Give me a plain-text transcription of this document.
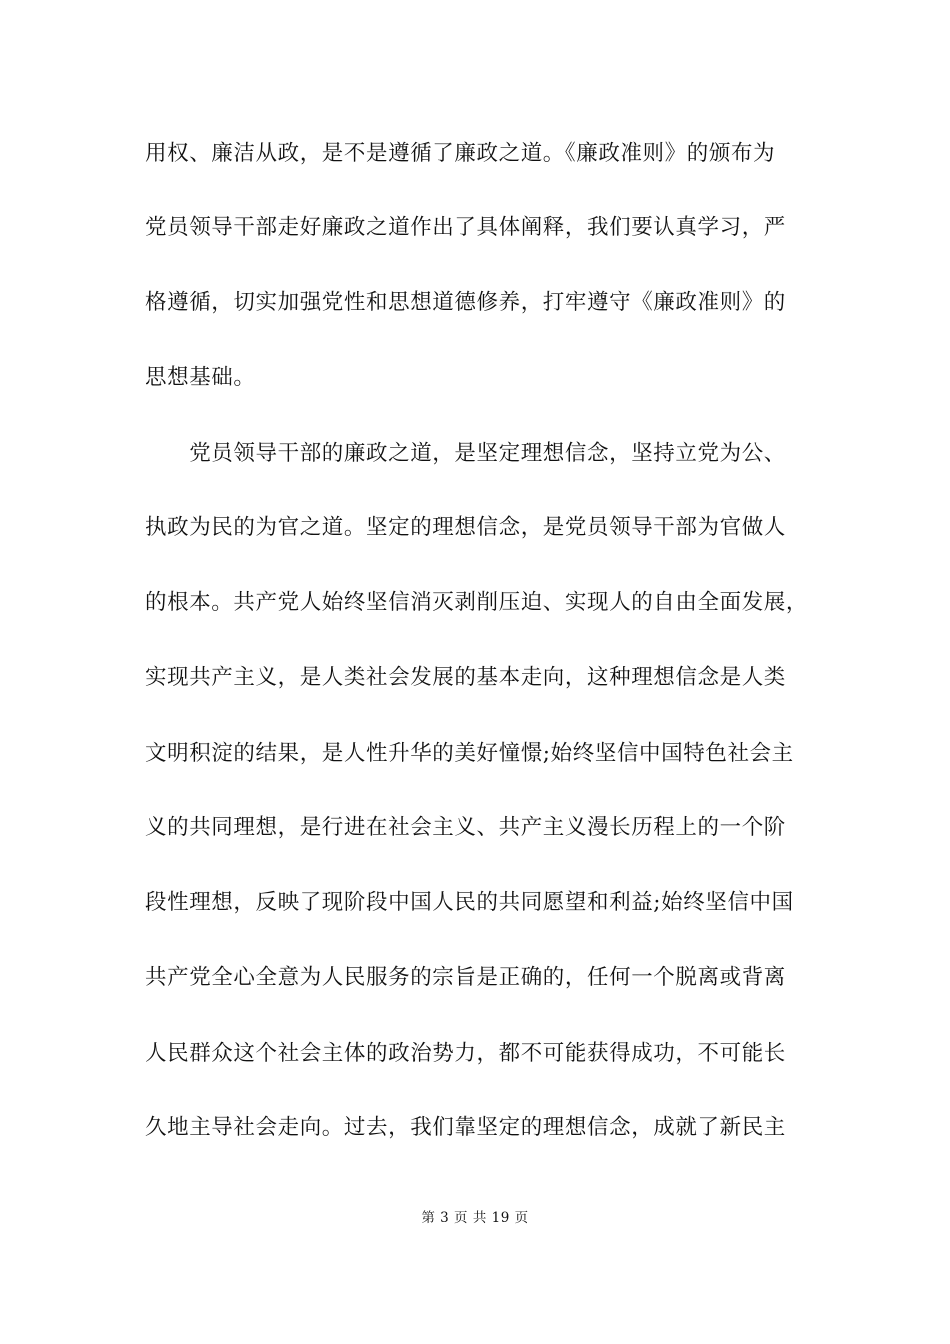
用权、廉洁从政，是不是遵循了廉政之道。《廉政准则》的颁布为
党员领导干部走好廉政之道作出了具体阐释，我们要认真学习，严
格遵循，切实加强党性和思想道德修养，打牢遵守《廉政准则》的
思想基础。
　　党员领导干部的廉政之道，是坚定理想信念，坚持立党为公、
执政为民的为官之道。坚定的理想信念，是党员领导干部为官做人
的根本。共产党人始终坚信消灭剥削压迫、实现人的自由全面发展，
实现共产主义，是人类社会发展的基本走向，这种理想信念是人类
文明积淀的结果，是人性升华的美好憧憬;始终坚信中国特色社会主
义的共同理想，是行进在社会主义、共产主义漫长历程上的一个阶
段性理想，反映了现阶段中国人民的共同愿望和利益;始终坚信中国
共产党全心全意为人民服务的宗旨是正确的，任何一个脱离或背离
人民群众这个社会主体的政治势力，都不可能获得成功，不可能长
久地主导社会走向。过去，我们靠坚定的理想信念，成就了新民主
第 3 页 共 19 页
